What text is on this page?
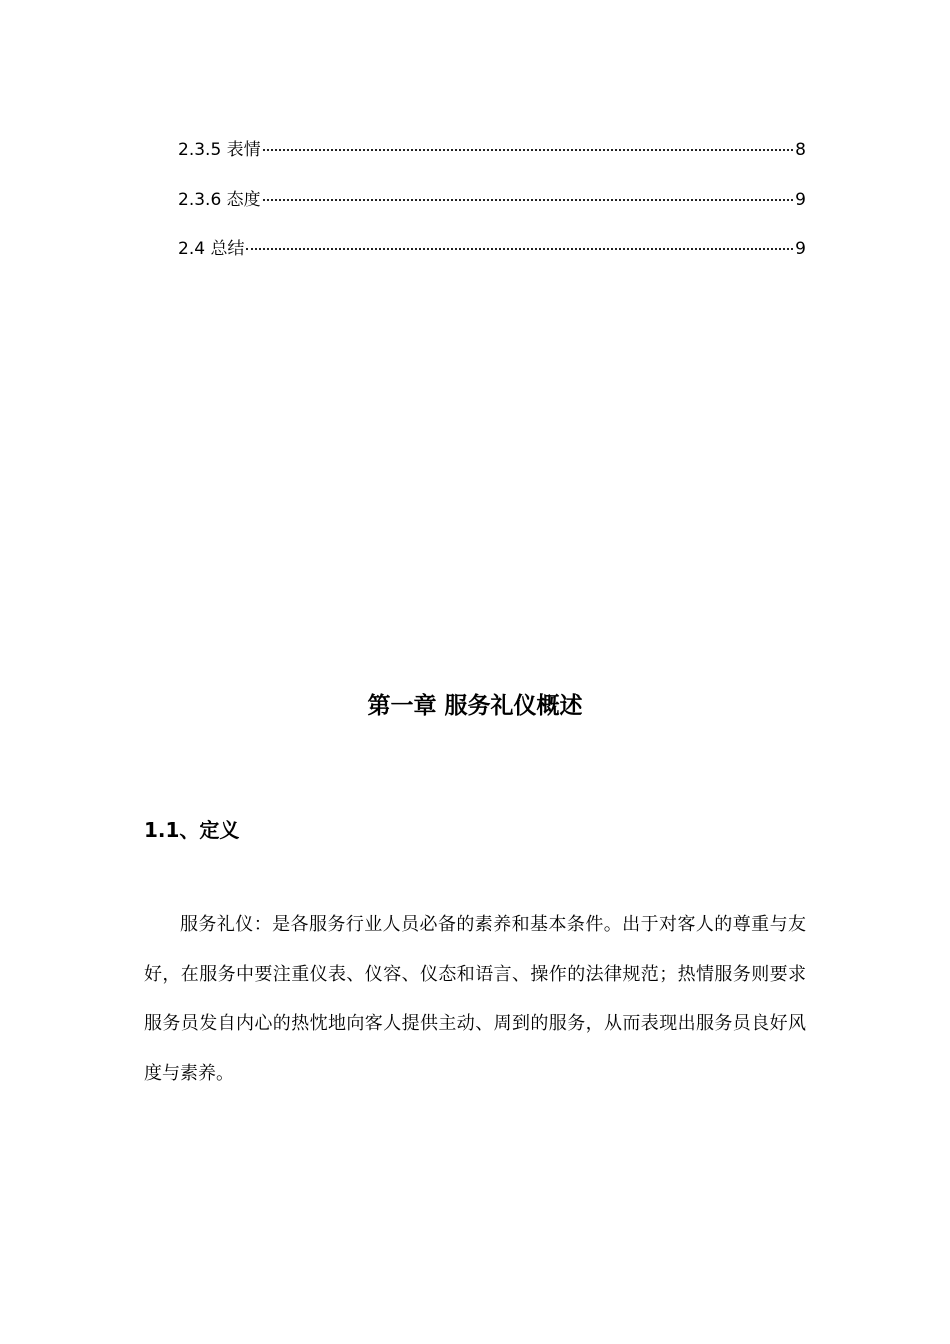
2.3.5 表情	8
2.3.6 态度	9
2.4 总结	9
第一章 服务礼仪概述
1.1、定义

服务礼仪：是各服务行业人员必备的素养和基本条件。出于对客人的尊重与友好，在服务中要注重仪表、仪容、仪态和语言、操作的法律规范；热情服务则要求服务员发自内心的热忱地向客人提供主动、周到的服务，从而表现出服务员良好风度与素养。
